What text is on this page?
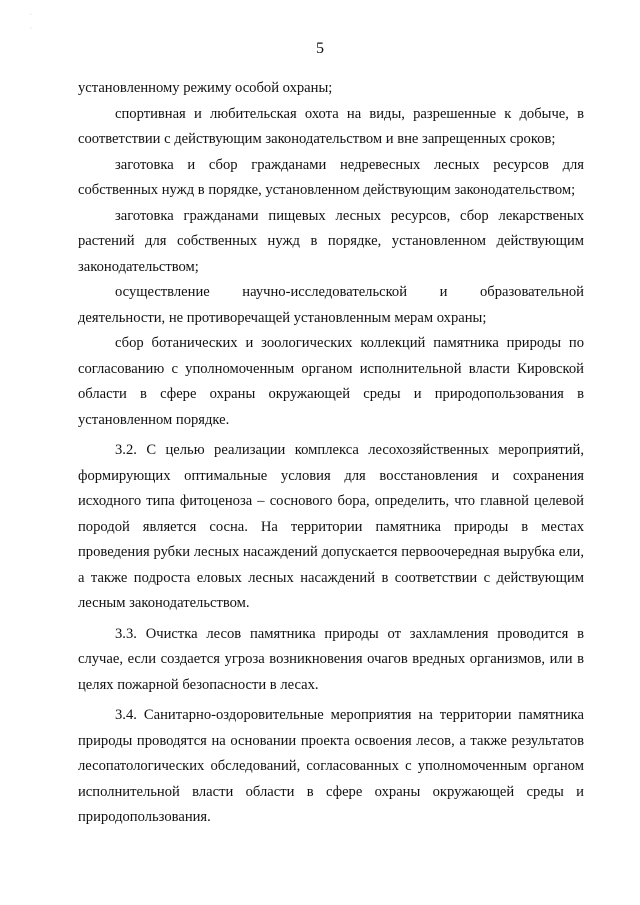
·
·
5

установленному режиму особой охраны;

спортивная и любительская охота на виды, разрешенные к добыче, в соответствии с действующим законодательством и вне запрещенных сроков;

заготовка и сбор гражданами недревесных лесных ресурсов для собственных нужд в порядке, установленном действующим законодательством;

заготовка гражданами пищевых лесных ресурсов, сбор лекарственых растений для собственных нужд в порядке, установленном действующим законодательством;

осуществление научно-исследовательской и образовательной деятельности, не противоречащей установленным мерам охраны;

сбор ботанических и зоологических коллекций памятника природы по согласованию с уполномоченным органом исполнительной власти Кировской области в сфере охраны окружающей среды и природопользования в установленном порядке.

3.2. С целью реализации комплекса лесохозяйственных мероприятий, формирующих оптимальные условия для восстановления и сохранения исходного типа фитоценоза – соснового бора, определить, что главной целевой породой является сосна. На территории памятника природы в местах проведения рубки лесных насаждений допускается первоочередная вырубка ели, а также подроста еловых лесных насаждений в соответствии с действующим лесным законодательством.

3.3. Очистка лесов памятника природы от захламления проводится в случае, если создается угроза возникновения очагов вредных организмов, или в целях пожарной безопасности в лесах.

3.4. Санитарно-оздоровительные мероприятия на территории памятника природы проводятся на основании проекта освоения лесов, а также результатов лесопатологических обследований, согласованных с уполномоченным органом исполнительной власти области в сфере охраны окружающей среды и природопользования.
